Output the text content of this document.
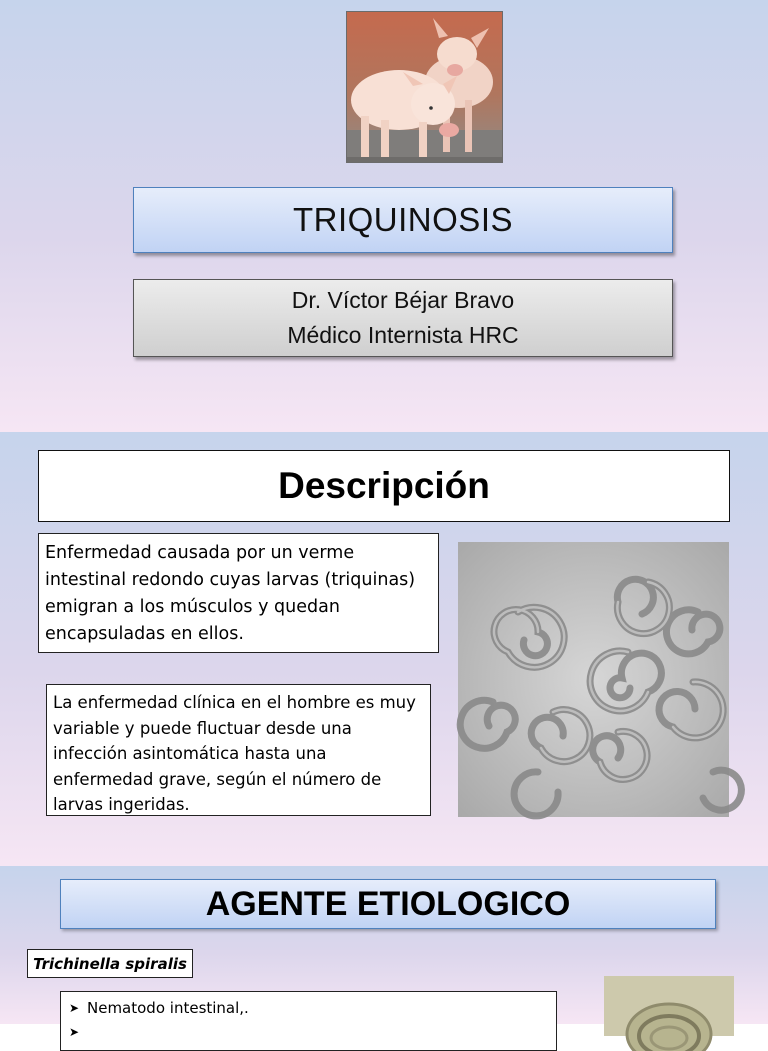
TRIQUINOSIS
Dr. Víctor Béjar Bravo
Médico Internista HRC
Descripción
Enfermedad causada por un verme intestinal redondo cuyas larvas (triquinas) emigran a los músculos y quedan encapsuladas en ellos.
La enfermedad clínica en el hombre es muy variable y puede fluctuar desde una infección asintomática hasta una enfermedad grave, según el número de larvas ingeridas.
AGENTE ETIOLOGICO
Trichinella spiralis
➤ Nematodo intestinal,.
➤
